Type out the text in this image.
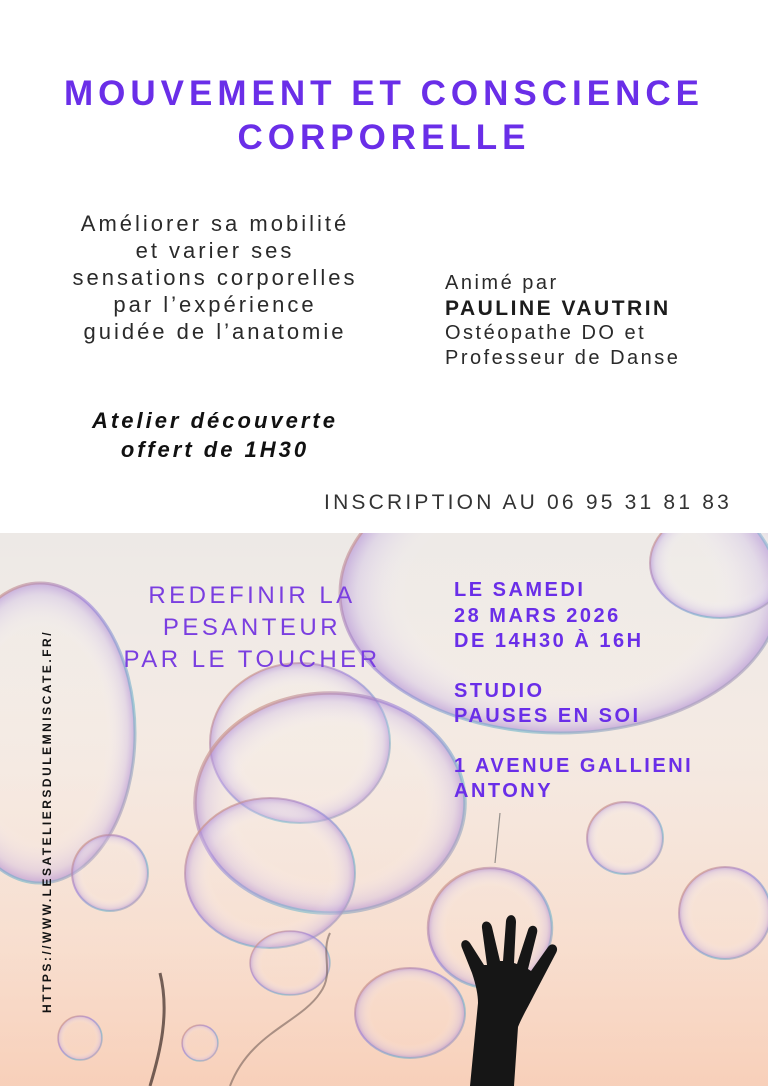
MOUVEMENT ET CONSCIENCE
CORPORELLE
Améliorer sa mobilité
et varier ses
sensations corporelles
par l’expérience
guidée de l’anatomie
Atelier découverte
offert de 1H30
Animé par
PAULINE VAUTRIN
Ostéopathe DO et
Professeur de Danse
INSCRIPTION AU 06 95 31 81 83
REDEFINIR LA
PESANTEUR
PAR LE TOUCHER
LE SAMEDI
28 MARS 2026
DE 14H30 À 16H
STUDIO
PAUSES EN SOI
1 AVENUE GALLIENI
ANTONY
HTTPS://WWW.LESATELIERSDULEMNISCATE.FR/
